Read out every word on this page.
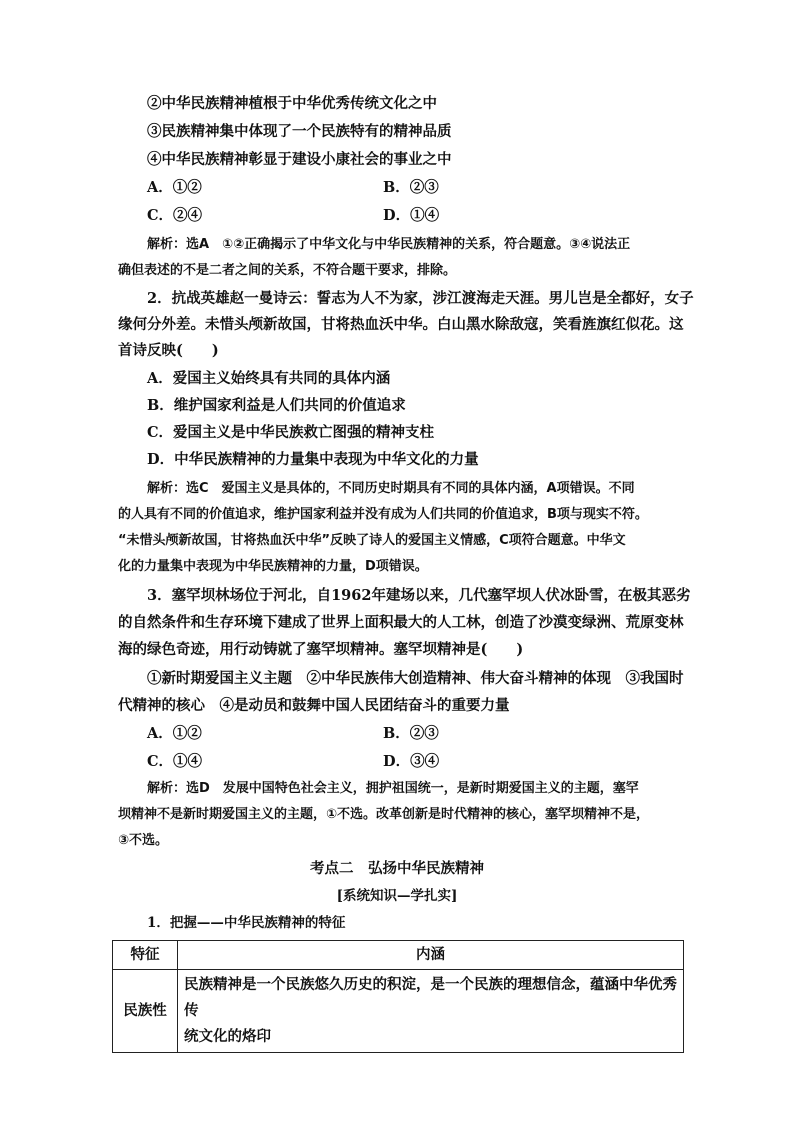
②中华民族精神植根于中华优秀传统文化之中
③民族精神集中体现了一个民族特有的精神品质
④中华民族精神彰显于建设小康社会的事业之中
A．①②	B．②③
C．②④	D．①④
解析：选A　①②正确揭示了中华文化与中华民族精神的关系，符合题意。③④说法正
确但表述的不是二者之间的关系，不符合题干要求，排除。
2．抗战英雄赵一曼诗云：誓志为人不为家，涉江渡海走天涯。男儿岂是全都好，女子
缘何分外差。未惜头颅新故国，甘将热血沃中华。白山黑水除敌寇，笑看旌旗红似花。这
首诗反映(　　)
A．爱国主义始终具有共同的具体内涵
B．维护国家利益是人们共同的价值追求
C．爱国主义是中华民族救亡图强的精神支柱
D．中华民族精神的力量集中表现为中华文化的力量
解析：选C　爱国主义是具体的，不同历史时期具有不同的具体内涵，A项错误。不同
的人具有不同的价值追求，维护国家利益并没有成为人们共同的价值追求，B项与现实不符。
“未惜头颅新故国，甘将热血沃中华”反映了诗人的爱国主义情感，C项符合题意。中华文
化的力量集中表现为中华民族精神的力量，D项错误。
3．塞罕坝林场位于河北，自1962年建场以来，几代塞罕坝人伏冰卧雪，在极其恶劣
的自然条件和生存环境下建成了世界上面积最大的人工林，创造了沙漠变绿洲、荒原变林
海的绿色奇迹，用行动铸就了塞罕坝精神。塞罕坝精神是(　　)
①新时期爱国主义主题　②中华民族伟大创造精神、伟大奋斗精神的体现　③我国时
代精神的核心　④是动员和鼓舞中国人民团结奋斗的重要力量
A．①②	B．②③
C．①④	D．③④
解析：选D　发展中国特色社会主义，拥护祖国统一，是新时期爱国主义的主题，塞罕
坝精神不是新时期爱国主义的主题，①不选。改革创新是时代精神的核心，塞罕坝精神不是，
③不选。
考点二　弘扬中华民族精神
[系统知识—学扎实]
1．把握——中华民族精神的特征
特征	内涵
民族性	民族精神是一个民族悠久历史的积淀，是一个民族的理想信念，蕴涵中华优秀传
统文化的烙印
